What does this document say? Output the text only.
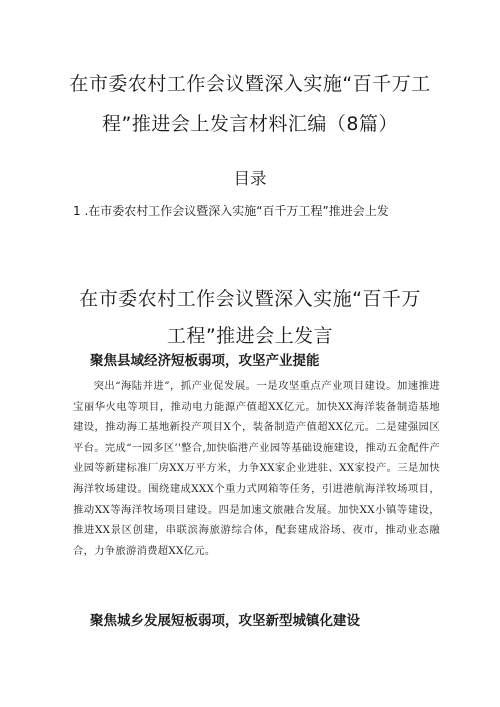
在市委农村工作会议暨深入实施“百千万工程”推进会上发言材料汇编（8篇）
目录
1 .在市委农村工作会议暨深入实施“百千万工程”推进会上发
在市委农村工作会议暨深入实施“百千万工程”推进会上发言
聚焦县域经济短板弱项，攻坚产业提能
突出“海陆并进”，抓产业促发展。一是攻坚重点产业项目建设。加速推进宝丽华火电等项目，推动电力能源产值超XX亿元。加快XX海洋装备制造基地建设，推动海工基地新投产项目X个，装备制造产值超XX亿元。二是建强园区平台。完成“一园多区’'整合,加快临港产业园等基础设施建设，推动五金配件产业园等新建标准厂房XX万平方米，力争XX家企业进驻、XX家投产。三是加快海洋牧场建设。围绕建成XXX个重力式网箱等任务，引进港航海洋牧场项目，推动XX等海洋牧场项目建设。四是加速文旅融合发展。加快XX小镇等建设，推进XX景区创建，串联滨海旅游综合体，配套建成浴场、夜市，推动业态融合，力争旅游消费超XX亿元。
聚焦城乡发展短板弱项，攻坚新型城镇化建设
